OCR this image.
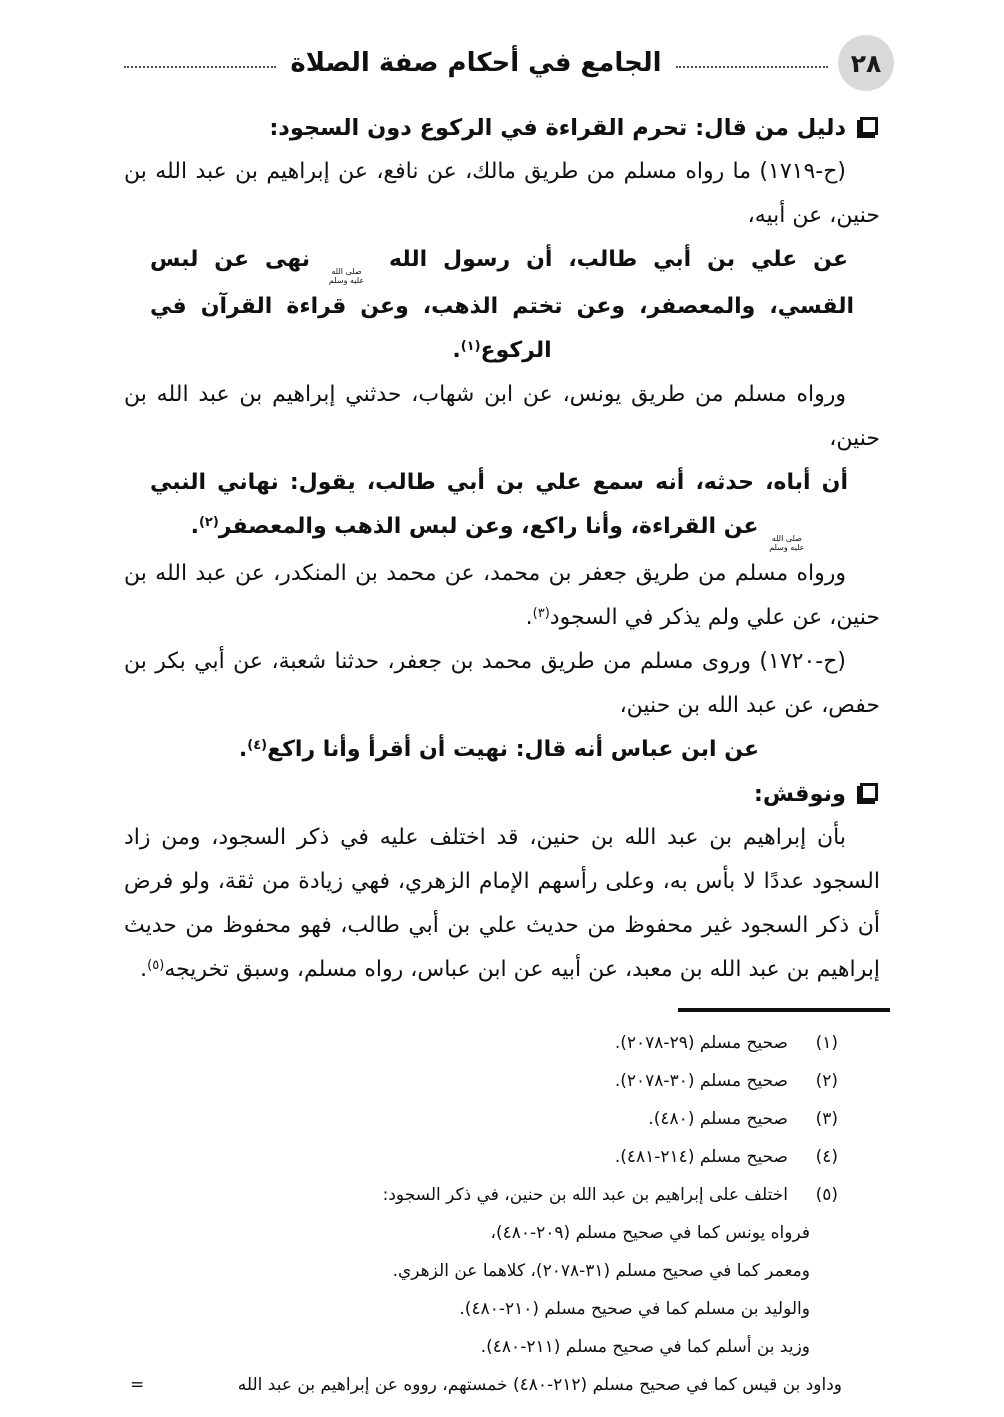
٢٨
الجامع في أحكام صفة الصلاة
دليل من قال: تحرم القراءة في الركوع دون السجود:

(ح-١٧١٩) ما رواه مسلم من طريق مالك، عن نافع، عن إبراهيم بن عبد الله بن حنين، عن أبيه،

عن علي بن أبي طالب، أن رسول الله
صلى الله
عليه وسلم
نهى عن لبس القسي، والمعصفر، وعن تختم الذهب، وعن قراءة القرآن في الركوع$^{(١)}$.

ورواه مسلم من طريق يونس، عن ابن شهاب، حدثني إبراهيم بن عبد الله بن حنين،

أن أباه، حدثه، أنه سمع علي بن أبي طالب، يقول: نهاني النبي
صلى الله
عليه وسلم
عن القراءة، وأنا راكع، وعن لبس الذهب والمعصفر$^{(٢)}$.

ورواه مسلم من طريق جعفر بن محمد، عن محمد بن المنكدر، عن عبد الله بن حنين، عن علي ولم يذكر في السجود$^{(٣)}$.

(ح-١٧٢٠) وروى مسلم من طريق محمد بن جعفر، حدثنا شعبة، عن أبي بكر بن حفص، عن عبد الله بن حنين،

عن ابن عباس أنه قال: نهيت أن أقرأ وأنا راكع$^{(٤)}$.

ونوقش:

بأن إبراهيم بن عبد الله بن حنين، قد اختلف عليه في ذكر السجود، ومن زاد السجود عددًا لا بأس به، وعلى رأسهم الإمام الزهري، فهي زيادة من ثقة، ولو فرض أن ذكر السجود غير محفوظ من حديث علي بن أبي طالب، فهو محفوظ من حديث إبراهيم بن عبد الله بن معبد، عن أبيه عن ابن عباس، رواه مسلم، وسبق تخريجه$^{(٥)}$.

(١)
صحيح مسلم (٢٩-٢٠٧٨).
(٢)
صحيح مسلم (٣٠-٢٠٧٨).
(٣)
صحيح مسلم (٤٨٠).
(٤)
صحيح مسلم (٢١٤-٤٨١).
(٥)
اختلف على إبراهيم بن عبد الله بن حنين، في ذكر السجود:
فرواه يونس كما في صحيح مسلم (٢٠٩-٤٨٠)،
ومعمر كما في صحيح مسلم (٣١-٢٠٧٨)، كلاهما عن الزهري.
والوليد بن مسلم كما في صحيح مسلم (٢١٠-٤٨٠).
وزيد بن أسلم كما في صحيح مسلم (٢١١-٤٨٠).
وداود بن قيس كما في صحيح مسلم (٢١٢-٤٨٠) خمستهم، رووه عن إبراهيم بن عبد الله
=
